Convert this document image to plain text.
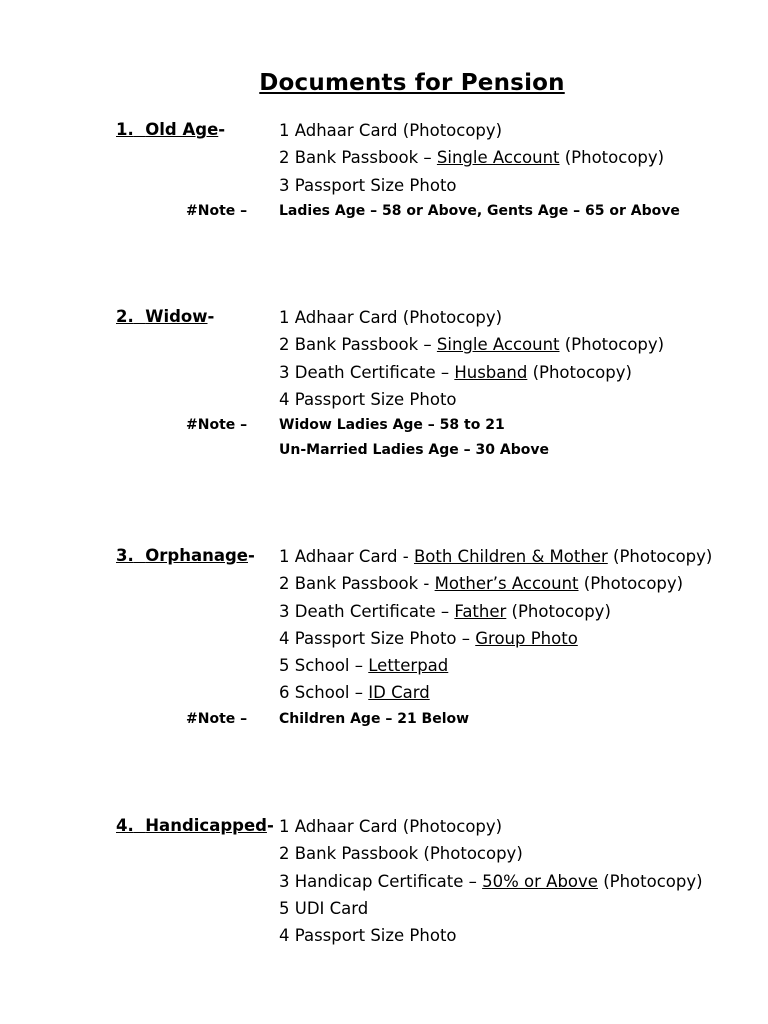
Documents for Pension
1. Old Age-	1 Adhaar Card (Photocopy)
2 Bank Passbook – Single Account (Photocopy)
3 Passport Size Photo
Ladies Age – 58 or Above, Gents Age – 65 or Above
#Note –
2. Widow-	1 Adhaar Card (Photocopy)
2 Bank Passbook – Single Account (Photocopy)
3 Death Certificate – Husband (Photocopy)
4 Passport Size Photo
Widow Ladies Age – 58 to 21
Un-Married Ladies Age – 30 Above
#Note –
3. Orphanage- 1 Adhaar Card - Both Children & Mother (Photocopy)
2 Bank Passbook - Mother’s Account (Photocopy)
3 Death Certificate – Father (Photocopy)
4 Passport Size Photo – Group Photo
5 School – Letterpad
6 School – ID Card
Children Age – 21 Below
#Note –
4. Handicapped- 1 Adhaar Card (Photocopy)
2 Bank Passbook (Photocopy)
3 Handicap Certificate – 50% or Above (Photocopy)
5 UDI Card
4 Passport Size Photo
